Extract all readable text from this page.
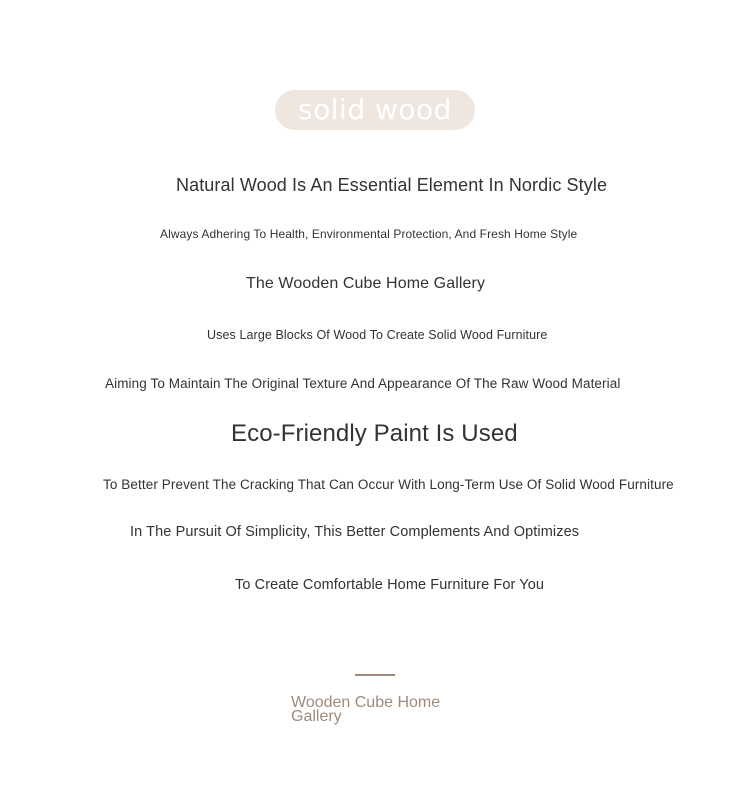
solid wood
Natural Wood Is An Essential Element In Nordic Style
Always Adhering To Health, Environmental Protection, And Fresh Home Style
The Wooden Cube Home Gallery
Uses Large Blocks Of Wood To Create Solid Wood Furniture
Aiming To Maintain The Original Texture And Appearance Of The Raw Wood Material
Eco-Friendly Paint Is Used
To Better Prevent The Cracking That Can Occur With Long-Term Use Of Solid Wood Furniture
In The Pursuit Of Simplicity, This Better Complements And Optimizes
To Create Comfortable Home Furniture For You
Wooden Cube Home Gallery
